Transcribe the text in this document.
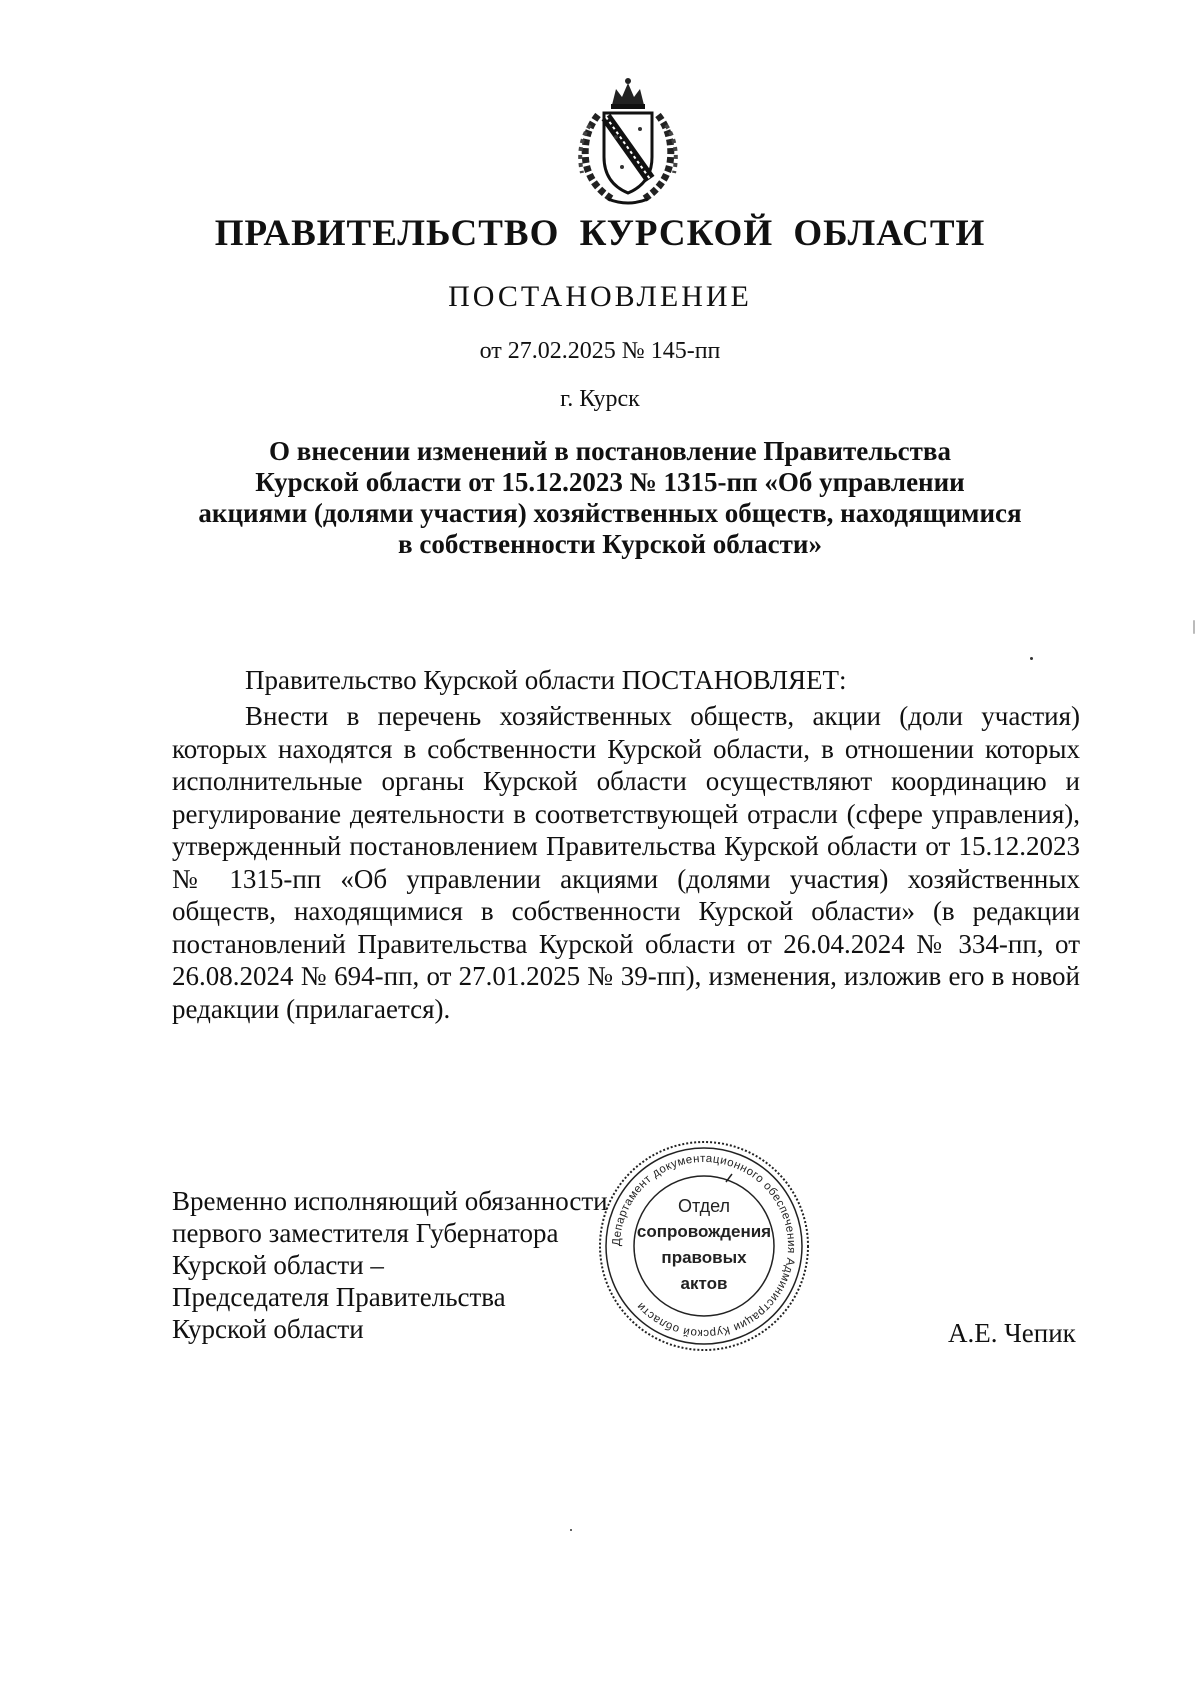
ПРАВИТЕЛЬСТВО КУРСКОЙ ОБЛАСТИ
ПОСТАНОВЛЕНИЕ
от 27.02.2025 № 145-пп
г. Курск
О внесении изменений в постановление Правительства
Курской области от 15.12.2023 № 1315-пп «Об управлении
акциями (долями участия) хозяйственных обществ, находящимися
в собственности Курской области»
Правительство Курской области ПОСТАНОВЛЯЕТ:

Внести в перечень хозяйственных обществ, акции (доли участия) которых находятся в собственности Курской области, в отношении которых исполнительные органы Курской области осуществляют координацию и регулирование деятельности в соответствующей отрасли (сфере управления), утвержденный постановлением Правительства Курской области от 15.12.2023 № 1315-пп «Об управлении акциями (долями участия) хозяйственных обществ, находящимися в собственности Курской области» (в редакции постановлений Правительства Курской области от 26.04.2024 № 334-пп, от 26.08.2024 № 694-пп, от 27.01.2025 № 39-пп), изменения, изложив его в новой редакции (прилагается).

Временно исполняющий обязанности
первого заместителя Губернатора
Курской области –
Председателя Правительства
Курской области	А.Е. Чепик
Департамент документационного обеспечения Администрации Курской области
Отдел
сопровождения
правовых
актов
